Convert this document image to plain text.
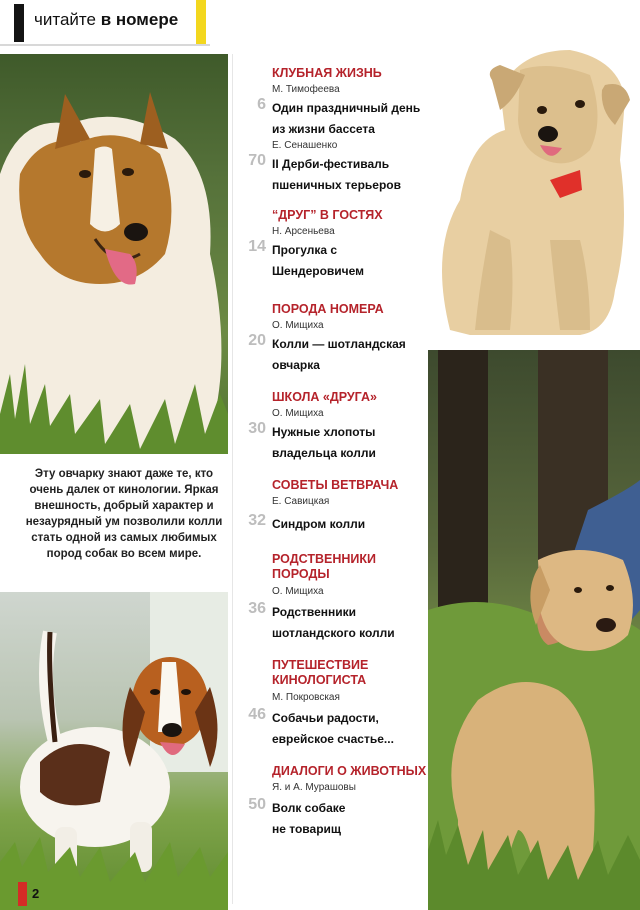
читайте в номере
Эту овчарку знают даже те, кто очень далек от кинологии. Яркая внешность, добрый характер и незаурядный ум позволили колли стать одной из самых любимых пород собак во всем мире.
2
КЛУБНАЯ ЖИЗНЬ
М. Тимофеева
6 Один праздничный день
из жизни бассета
Е. Сенашенко
70 II Дерби-фестиваль
пшеничных терьеров
“ДРУГ” В ГОСТЯХ
Н. Арсеньева
14 Прогулка с
Шендеровичем
ПОРОДА НОМЕРА
О. Мищиха
20 Колли — шотландская
овчарка
ШКОЛА «ДРУГА»
О. Мищиха
30 Нужные хлопоты
владельца колли
СОВЕТЫ ВЕТВРАЧА
Е. Савицкая
32 Синдром колли
РОДСТВЕННИКИ
ПОРОДЫ
О. Мищиха
36 Родственники
шотландского колли
ПУТЕШЕСТВИЕ
КИНОЛОГИСТА
М. Покровская
46 Собачьи радости,
еврейское счастье...
ДИАЛОГИ О ЖИВОТНЫХ
Я. и А. Мурашовы
50 Волк собаке
не товарищ
